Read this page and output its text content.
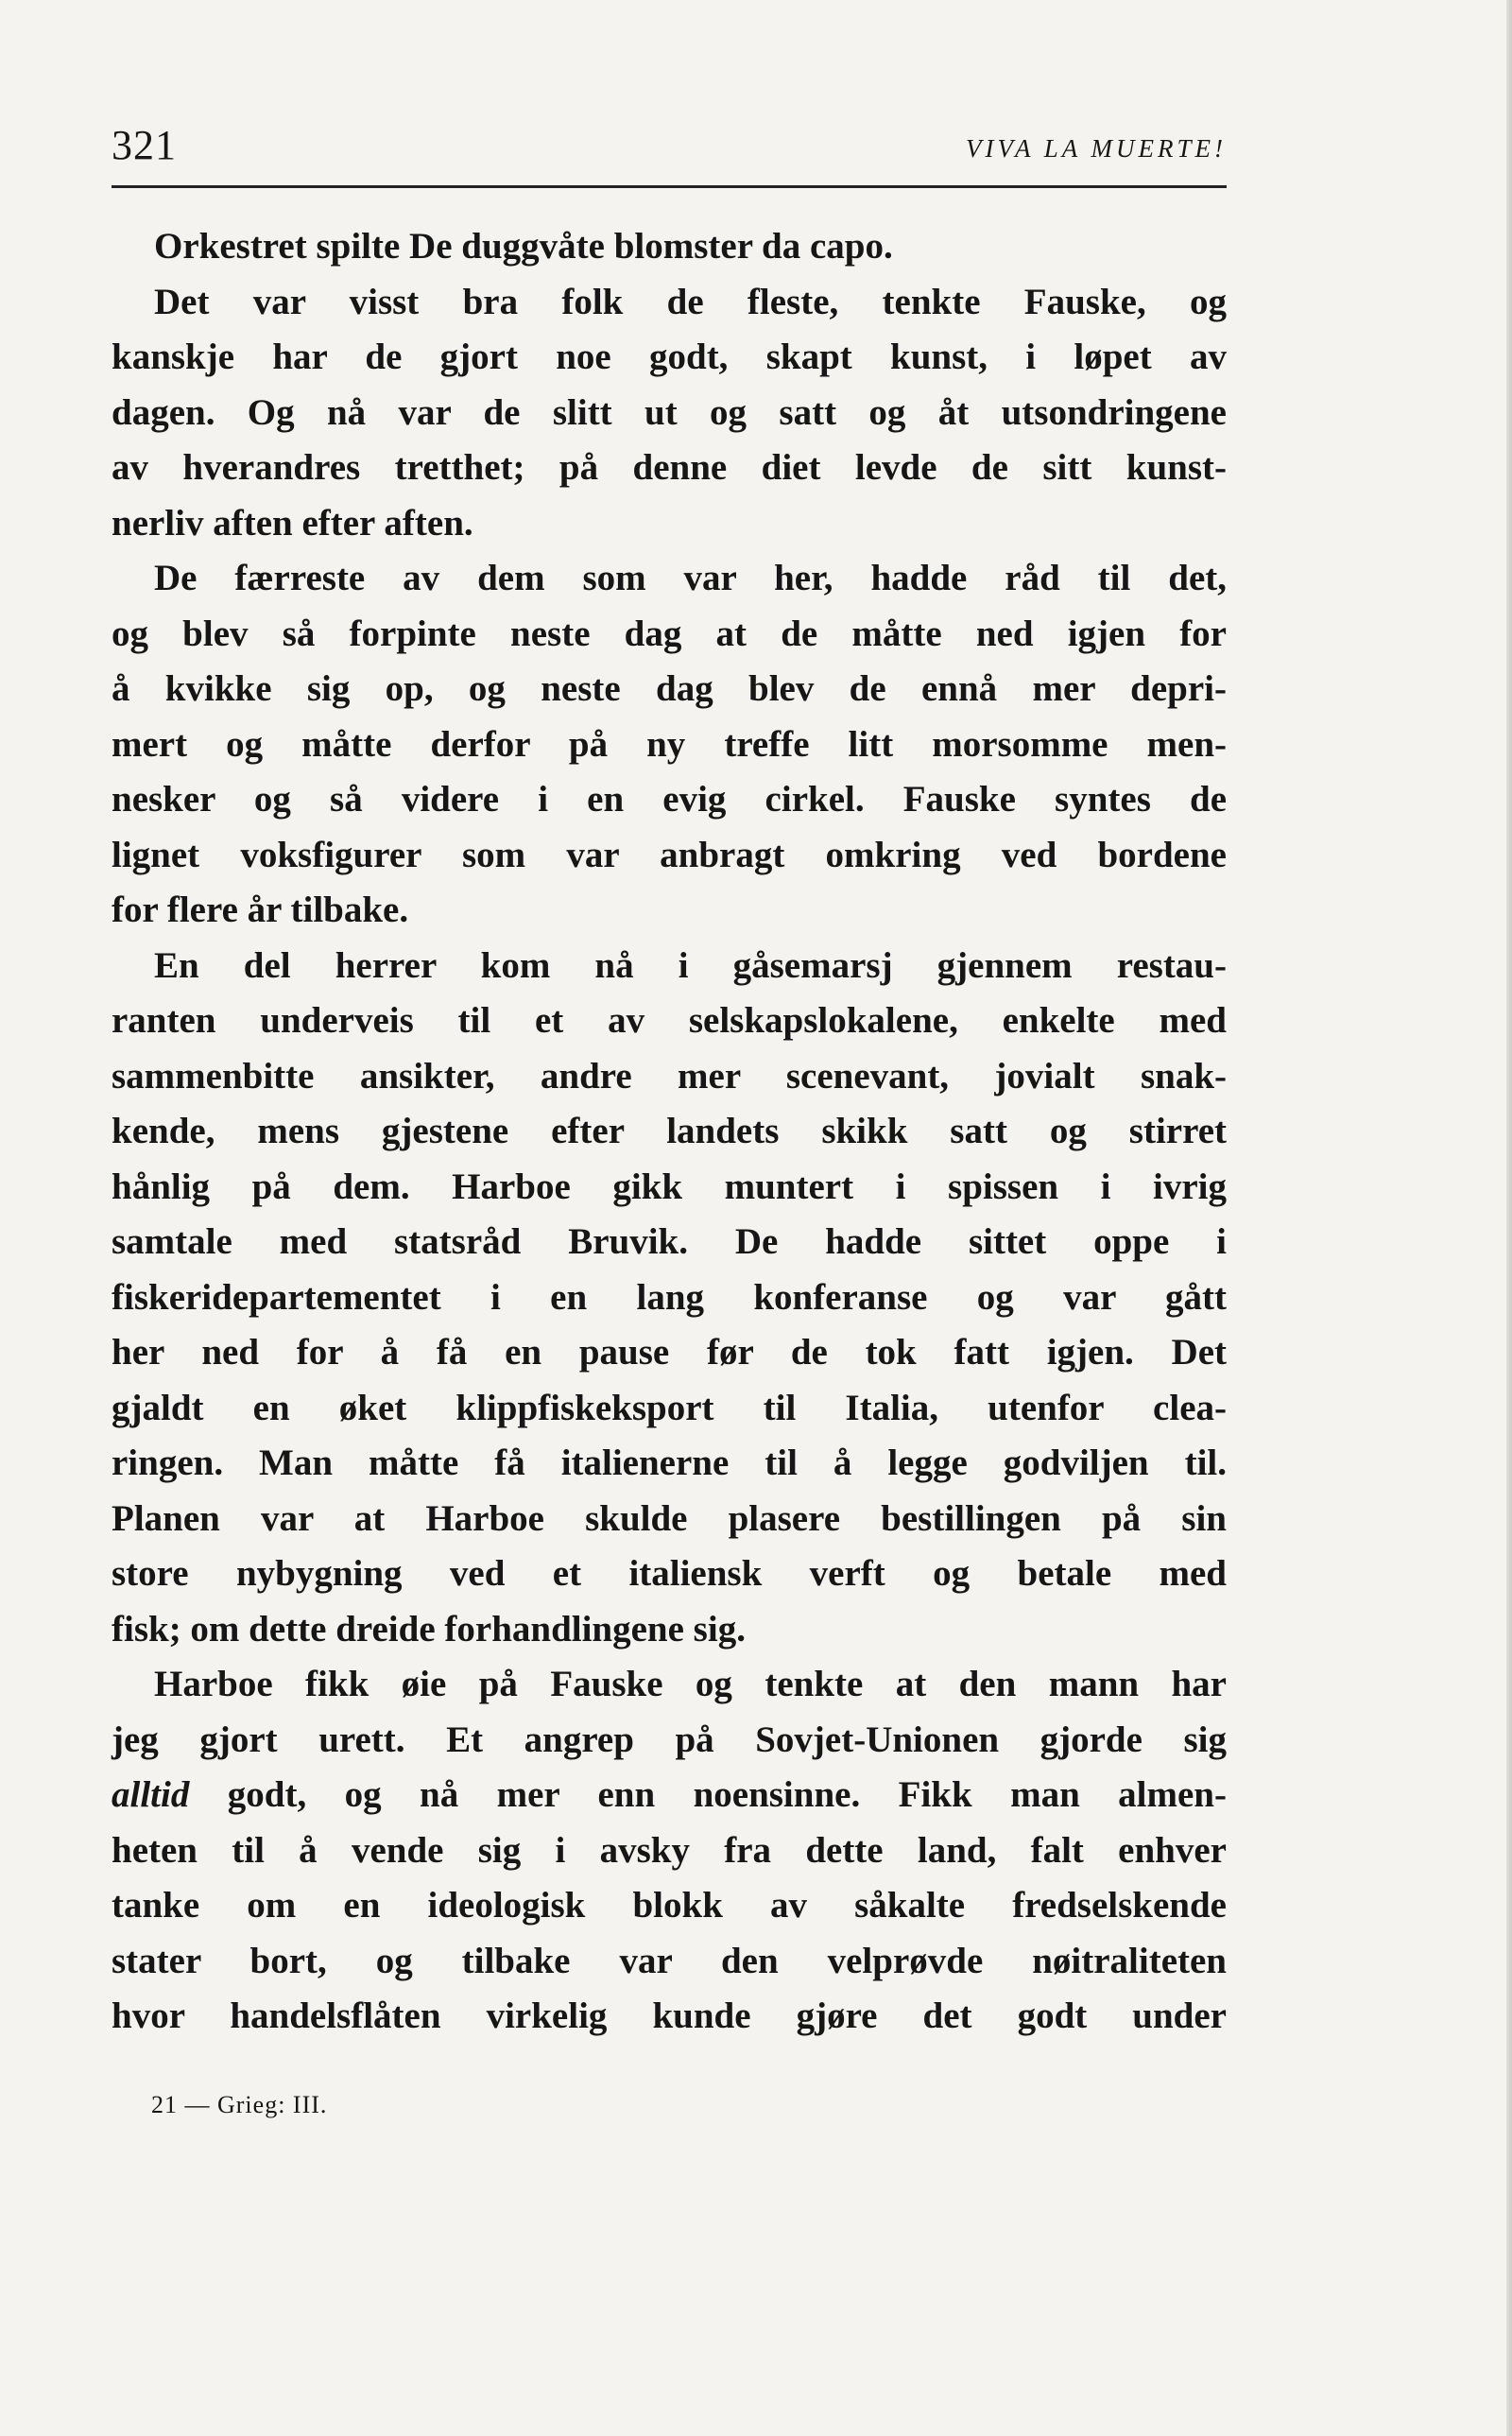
321	VIVA LA MUERTE!
Orkestret spilte De duggvåte blomster da capo.
Det var visst bra folk de fleste, tenkte Fauske, og
kanskje har de gjort noe godt, skapt kunst, i løpet av
dagen. Og nå var de slitt ut og satt og åt utsondringene
av hverandres tretthet; på denne diet levde de sitt kunst-
nerliv aften efter aften.
De færreste av dem som var her, hadde råd til det,
og blev så forpinte neste dag at de måtte ned igjen for
å kvikke sig op, og neste dag blev de ennå mer depri-
mert og måtte derfor på ny treffe litt morsomme men-
nesker og så videre i en evig cirkel. Fauske syntes de
lignet voksfigurer som var anbragt omkring ved bordene
for flere år tilbake.
En del herrer kom nå i gåsemarsj gjennem restau-
ranten underveis til et av selskapslokalene, enkelte med
sammenbitte ansikter, andre mer scenevant, jovialt snak-
kende, mens gjestene efter landets skikk satt og stirret
hånlig på dem. Harboe gikk muntert i spissen i ivrig
samtale med statsråd Bruvik. De hadde sittet oppe i
fiskeridepartementet i en lang konferanse og var gått
her ned for å få en pause før de tok fatt igjen. Det
gjaldt en øket klippfiskeksport til Italia, utenfor clea-
ringen. Man måtte få italienerne til å legge godviljen til.
Planen var at Harboe skulde plasere bestillingen på sin
store nybygning ved et italiensk verft og betale med
fisk; om dette dreide forhandlingene sig.
Harboe fikk øie på Fauske og tenkte at den mann har
jeg gjort urett. Et angrep på Sovjet-Unionen gjorde sig
alltid godt, og nå mer enn noensinne. Fikk man almen-
heten til å vende sig i avsky fra dette land, falt enhver
tanke om en ideologisk blokk av såkalte fredselskende
stater bort, og tilbake var den velprøvde nøitraliteten
hvor handelsflåten virkelig kunde gjøre det godt under
21 — Grieg: III.
